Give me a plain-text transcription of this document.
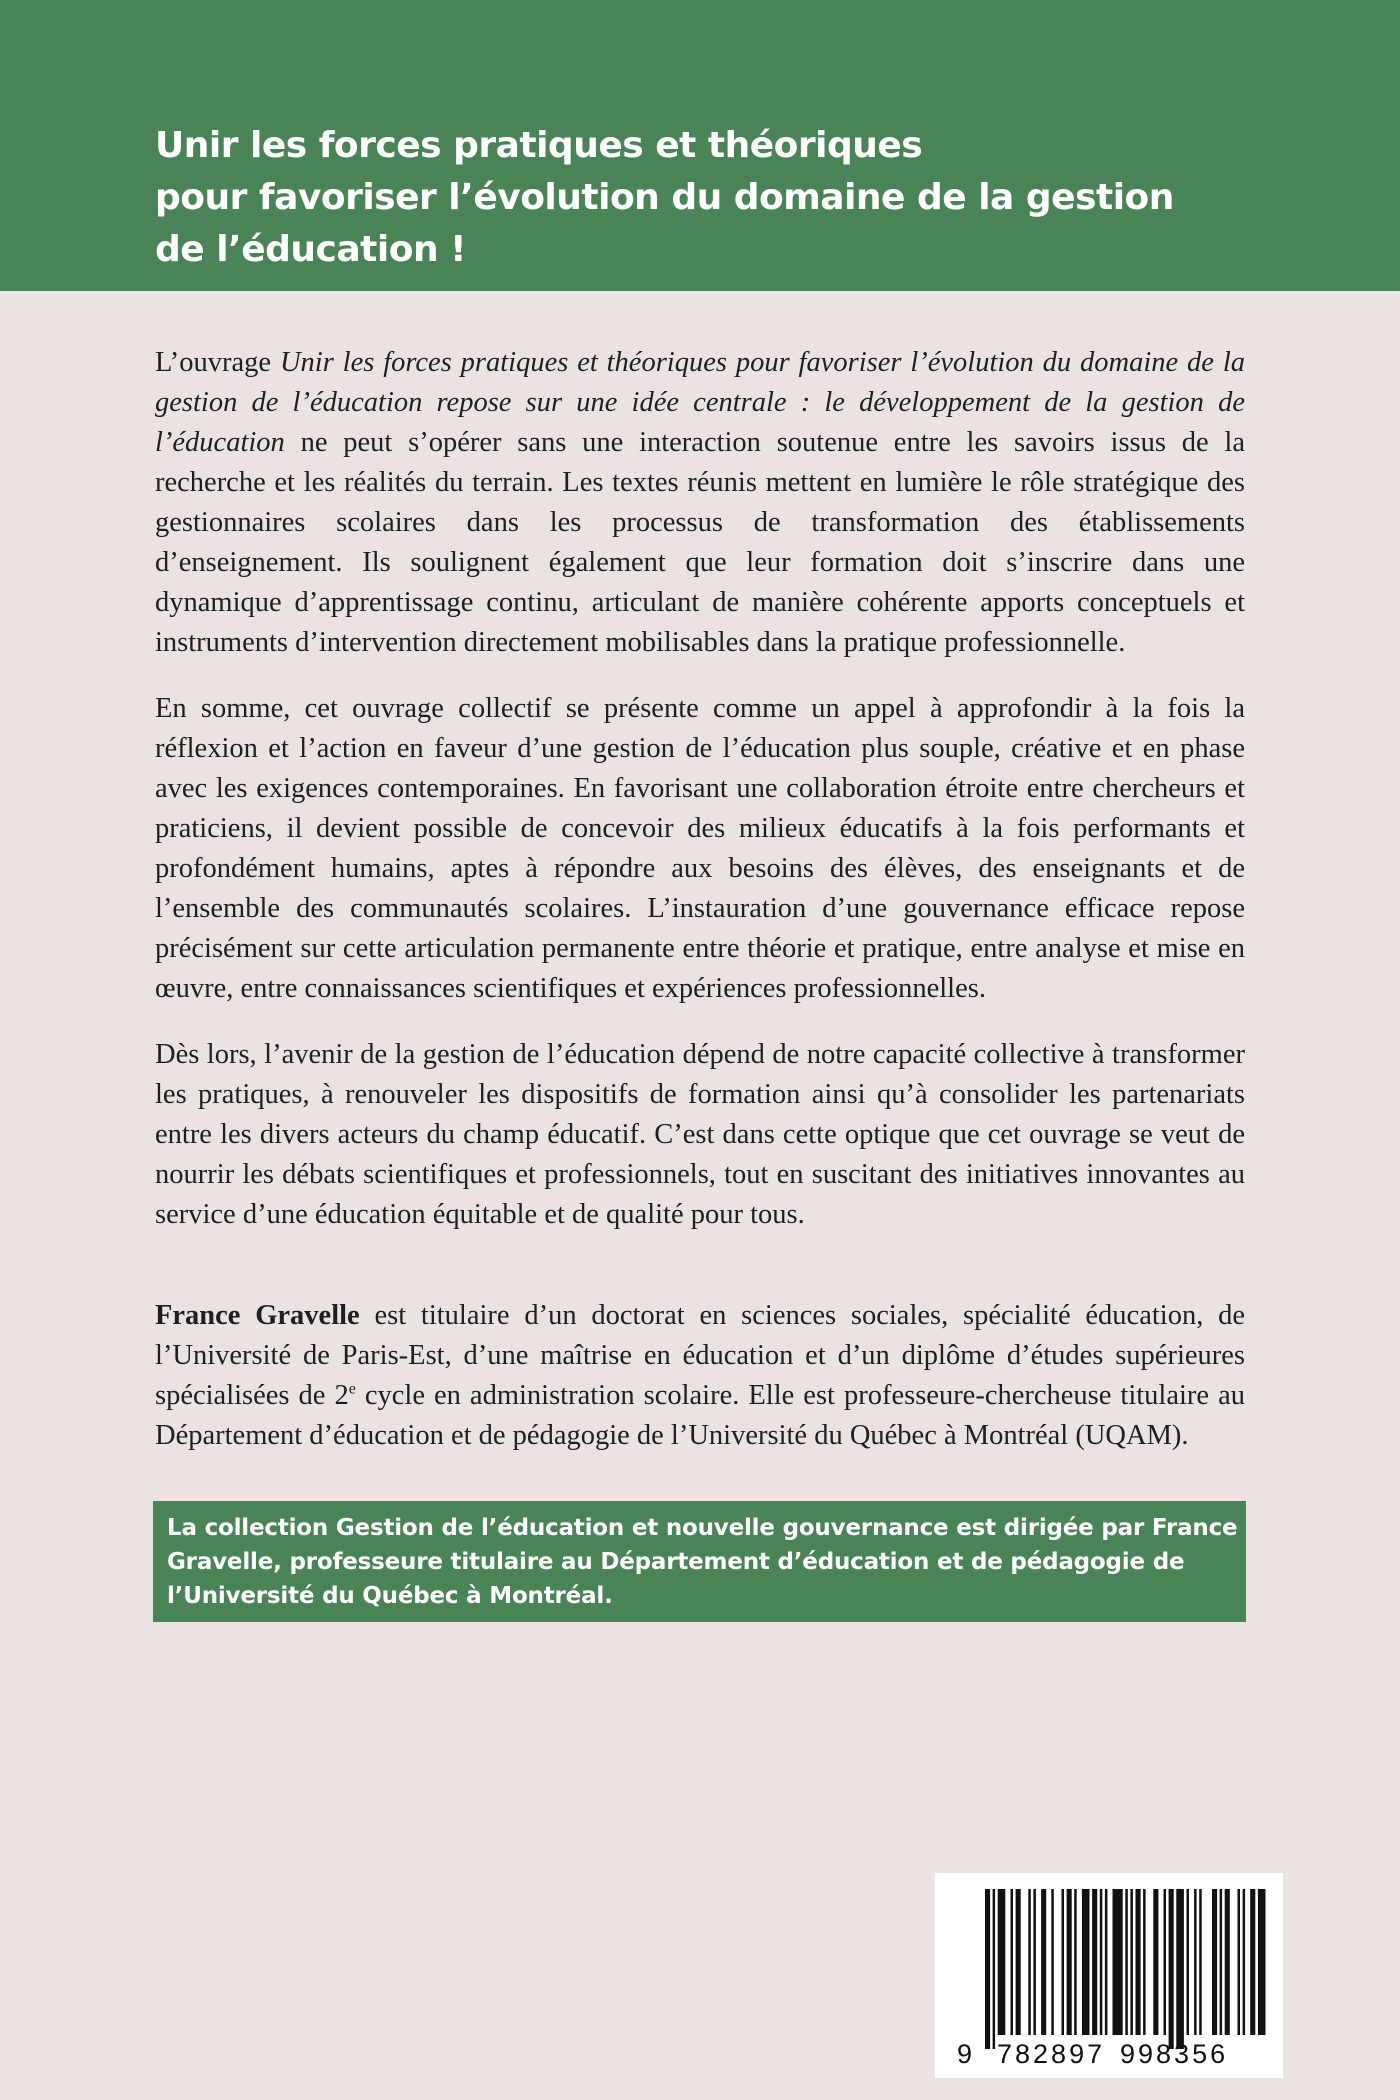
Unir les forces pratiques et théoriques
pour favoriser l’évolution du domaine de la gestion
de l’éducation !

L’ouvrage Unir les forces pratiques et théoriques pour favoriser l’évolution du domaine de la gestion de l’éducation repose sur une idée centrale : le développement de la gestion de l’éducation ne peut s’opérer sans une interaction soutenue entre les savoirs issus de la recherche et les réalités du terrain. Les textes réunis mettent en lumière le rôle stratégique des gestionnaires scolaires dans les processus de transformation des établissements d’enseignement. Ils soulignent également que leur formation doit s’inscrire dans une dynamique d’apprentissage continu, articulant de manière cohérente apports conceptuels et instruments d’intervention directement mobilisables dans la pratique professionnelle.

En somme, cet ouvrage collectif se présente comme un appel à approfondir à la fois la réflexion et l’action en faveur d’une gestion de l’éducation plus souple, créative et en phase avec les exigences contemporaines. En favorisant une collaboration étroite entre chercheurs et praticiens, il devient possible de concevoir des milieux éducatifs à la fois performants et profondément humains, aptes à répondre aux besoins des élèves, des enseignants et de l’ensemble des communautés scolaires. L’instauration d’une gouvernance efficace repose précisément sur cette articulation permanente entre théorie et pratique, entre analyse et mise en œuvre, entre connaissances scientifiques et expériences professionnelles.

Dès lors, l’avenir de la gestion de l’éducation dépend de notre capacité collective à transformer les pratiques, à renouveler les dispositifs de formation ainsi qu’à consolider les partenariats entre les divers acteurs du champ éducatif. C’est dans cette optique que cet ouvrage se veut de nourrir les débats scientifiques et professionnels, tout en suscitant des initiatives innovantes au service d’une éducation équitable et de qualité pour tous.

France Gravelle est titulaire d’un doctorat en sciences sociales, spécialité éducation, de l’Université de Paris-Est, d’une maîtrise en éducation et d’un diplôme d’études supérieures spécialisées de 2e cycle en administration scolaire. Elle est professeure-chercheuse titulaire au Département d’éducation et de pédagogie de l’Université du Québec à Montréal (UQAM).

La collection Gestion de l’éducation et nouvelle gouvernance est dirigée par France
Gravelle, professeure titulaire au Département d’éducation et de pédagogie de
l’Université du Québec à Montréal.

9 782897 998356
